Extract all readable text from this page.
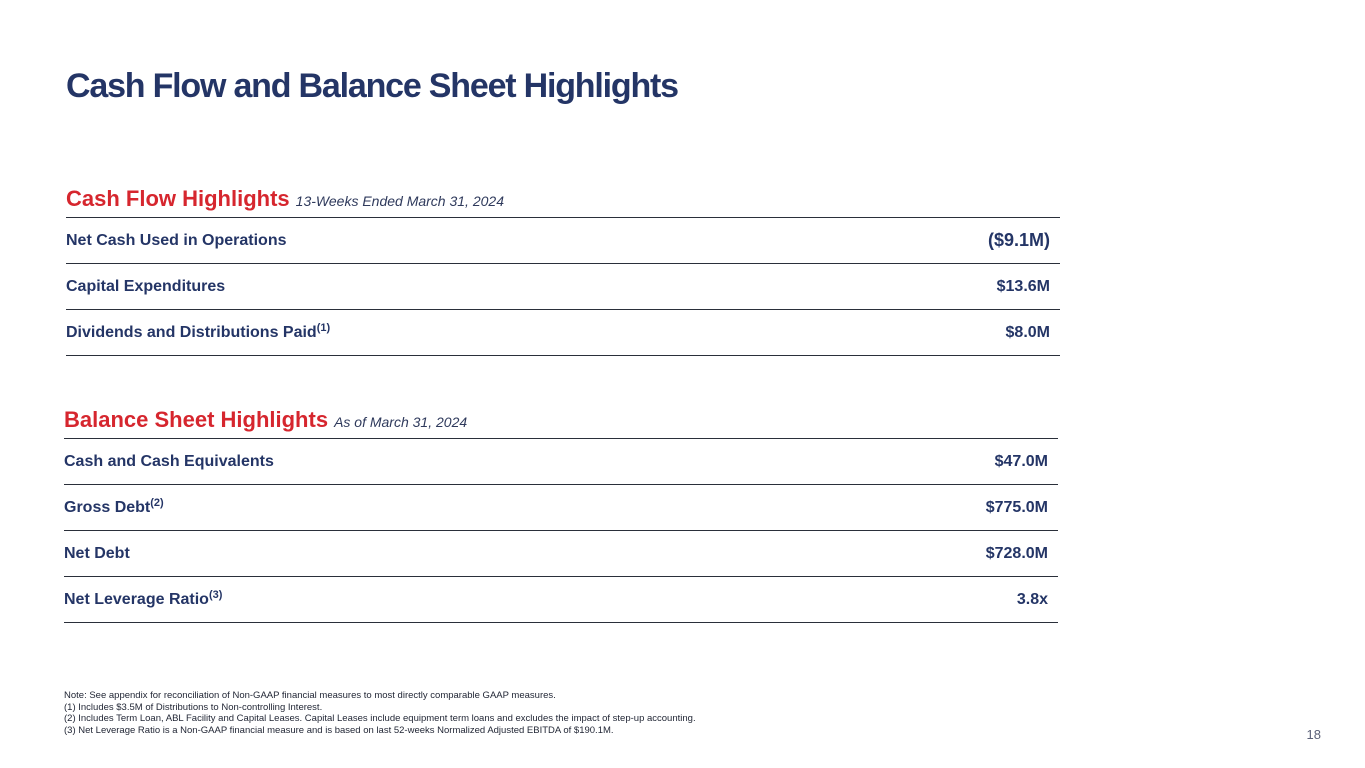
Cash Flow and Balance Sheet Highlights
Cash Flow Highlights 13-Weeks Ended March 31, 2024
Net Cash Used in Operations	($9.1M)
Capital Expenditures	$13.6M
Dividends and Distributions Paid$^{(1)}$	$8.0M
Balance Sheet Highlights As of March 31, 2024
Cash and Cash Equivalents	$47.0M
Gross Debt$^{(2)}$	$775.0M
Net Debt	$728.0M
Net Leverage Ratio$^{(3)}$	3.8x
Note: See appendix for reconciliation of Non-GAAP financial measures to most directly comparable GAAP measures.
(1) Includes $3.5M of Distributions to Non-controlling Interest.
(2) Includes Term Loan, ABL Facility and Capital Leases. Capital Leases include equipment term loans and excludes the impact of step-up accounting.
(3) Net Leverage Ratio is a Non-GAAP financial measure and is based on last 52-weeks Normalized Adjusted EBITDA of $190.1M.	18
